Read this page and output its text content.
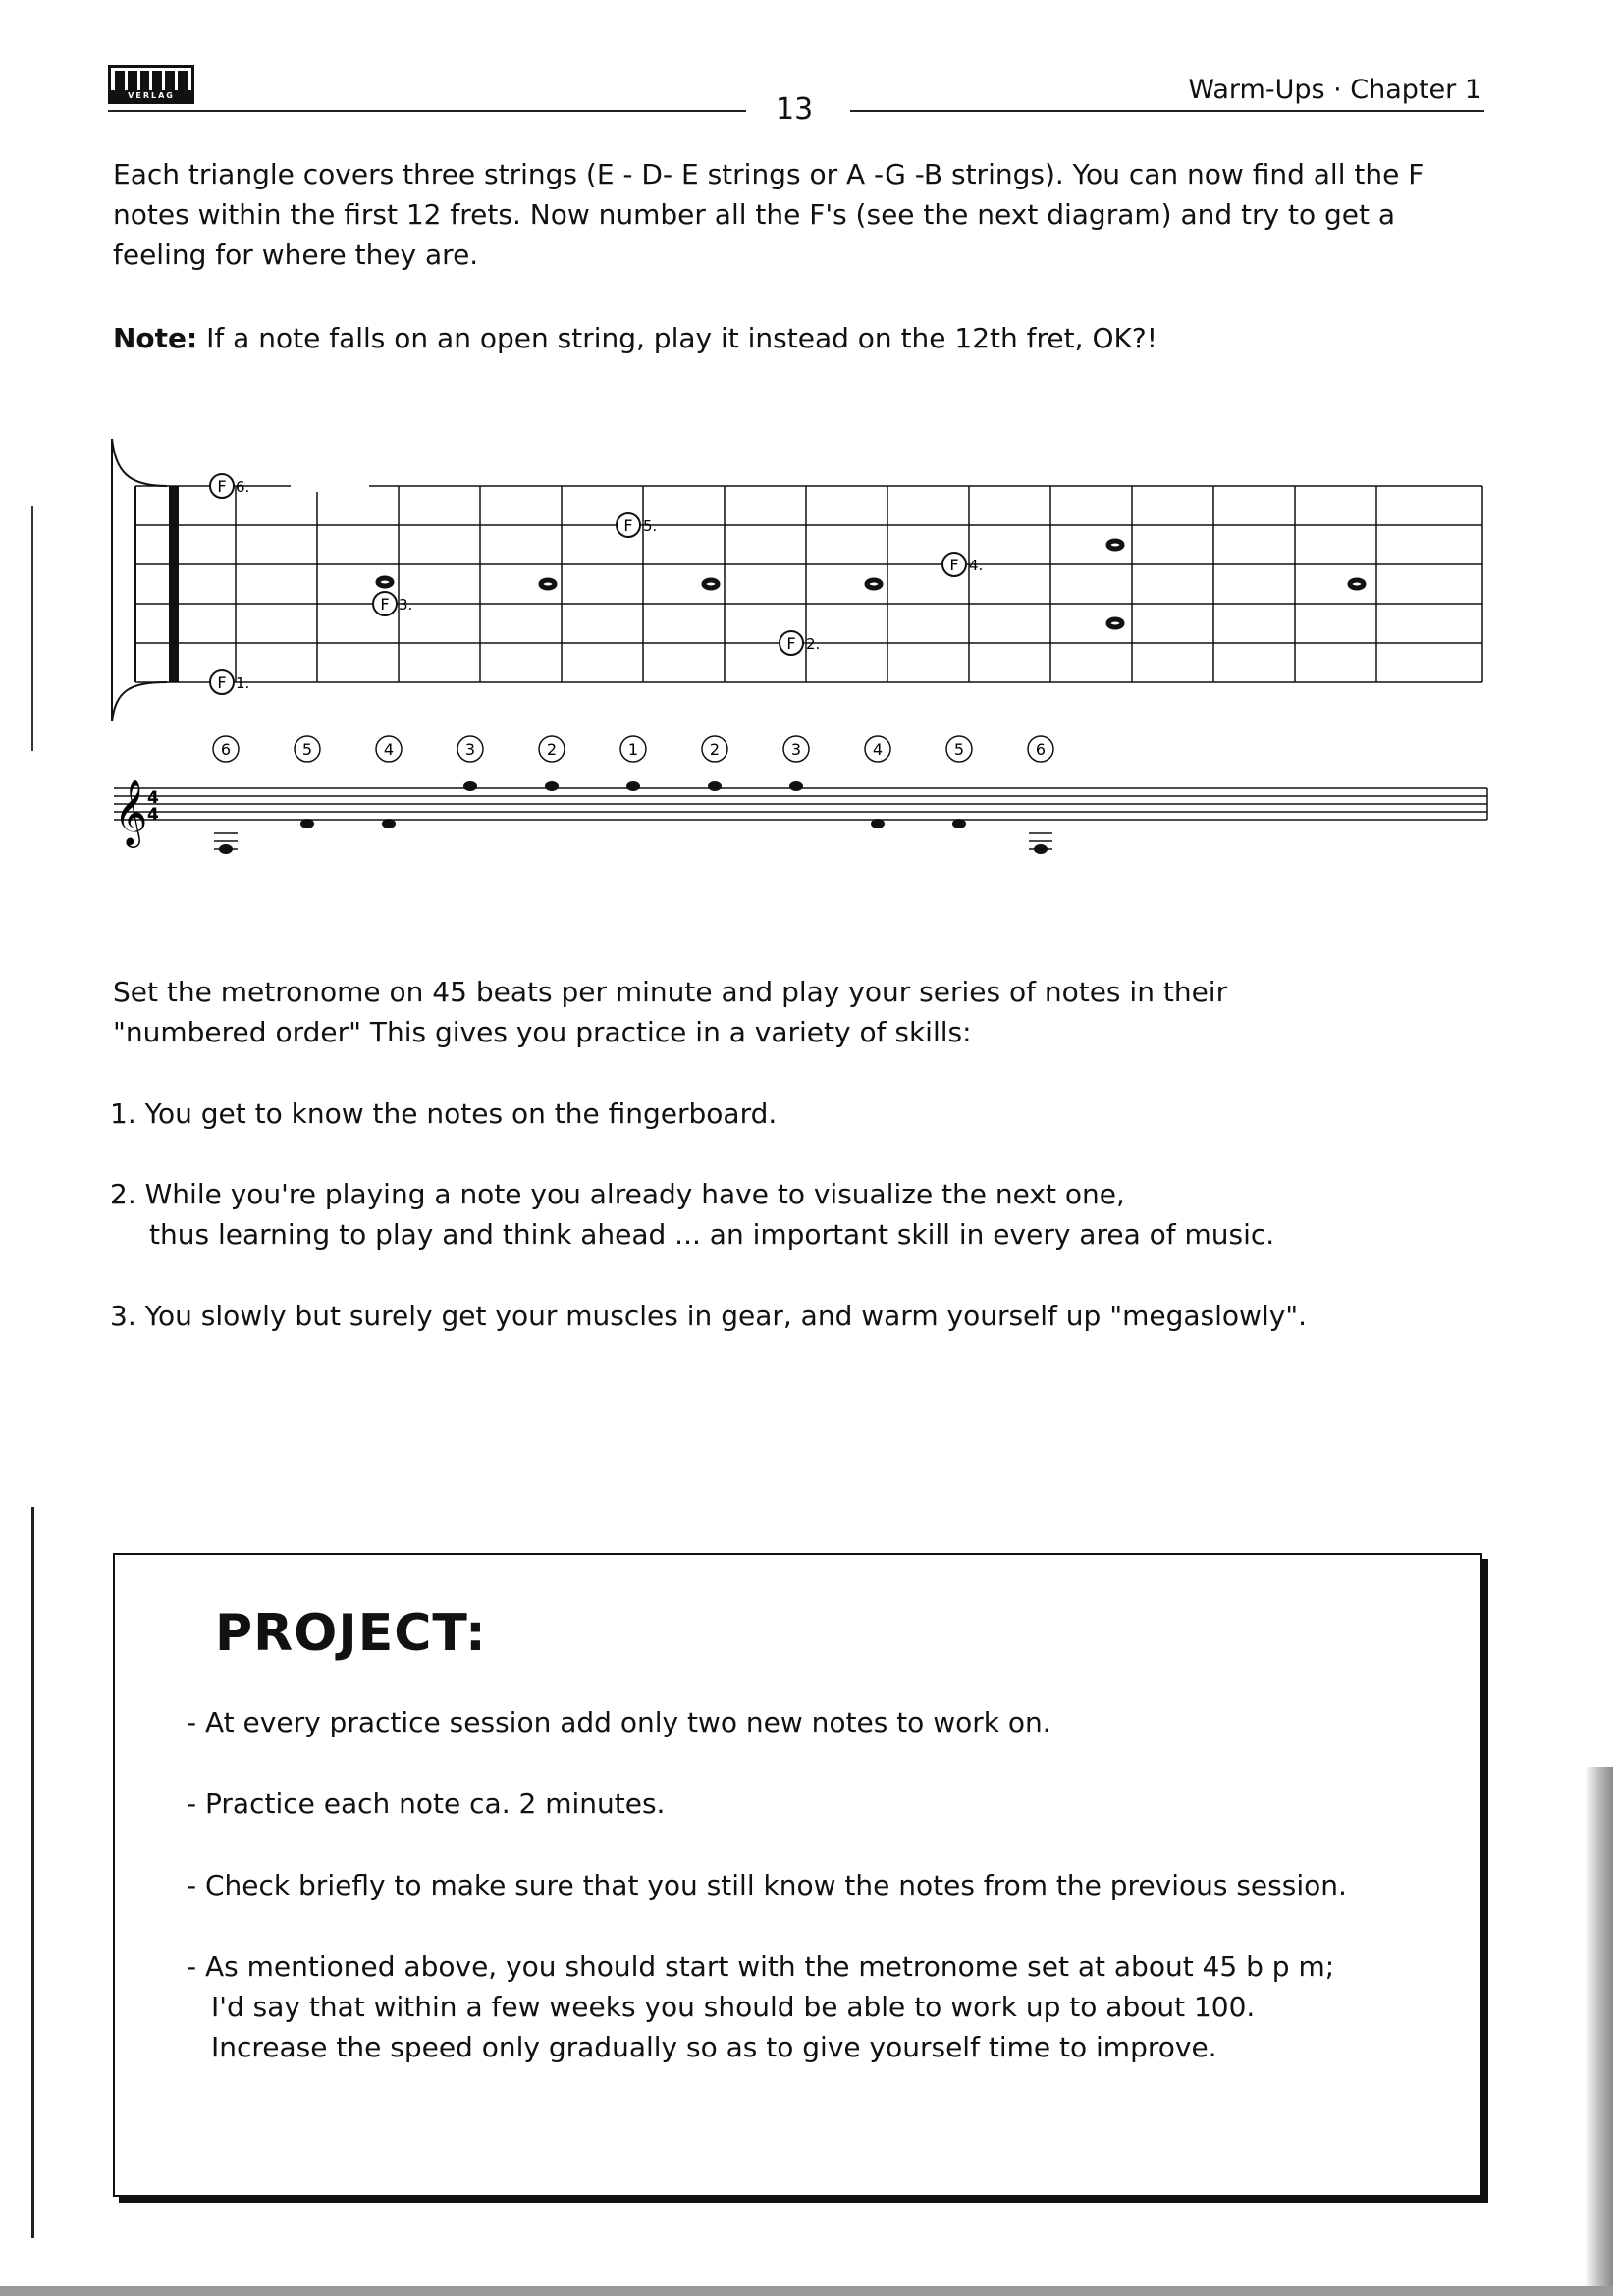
VERLAG	13
Warm-Ups · Chapter 1
Each triangle covers three strings (E - D- E strings or A -G -B strings). You can now find all the F
notes within the first 12 frets. Now number all the F's (see the next diagram) and try to get a
feeling for where they are.
Note: If a note falls on an open string, play it instead on the 12th fret, OK?!
F 6.
F 5.
F 3.
F 4.
F 2.
F 1.
6	5	4	3	2	1	2	3	4	5	6
𝄞 4
4
Set the metronome on 45 beats per minute and play your series of notes in their
"numbered order" This gives you practice in a variety of skills:
1. You get to know the notes on the fingerboard.
2. While you're playing a note you already have to visualize the next one,
thus learning to play and think ahead ... an important skill in every area of music.
3. You slowly but surely get your muscles in gear, and warm yourself up "megaslowly".
PROJECT:
- At every practice session add only two new notes to work on.
- Practice each note ca. 2 minutes.
- Check briefly to make sure that you still know the notes from the previous session.
- As mentioned above, you should start with the metronome set at about 45 b p m;
I'd say that within a few weeks you should be able to work up to about 100.
Increase the speed only gradually so as to give yourself time to improve.
